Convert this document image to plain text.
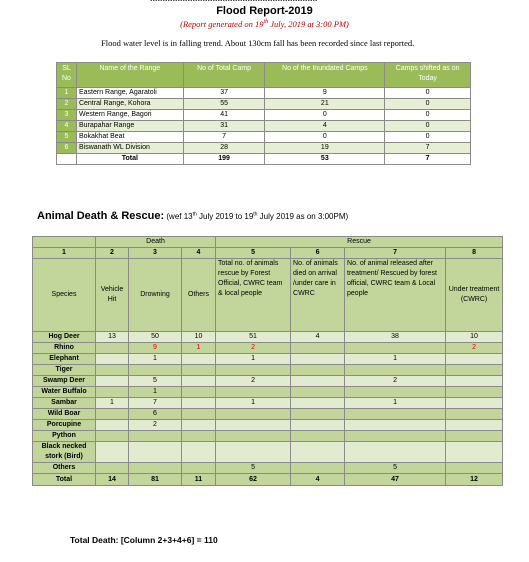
Flood Report-2019
(Report generated on 19th July, 2019 at 3:00 PM)
Flood water level is in falling trend. About 130cm fall has been recorded since last reported.
SL No	Name of the Range	No of Total Camp	No of the Inundated Camps	Camps shifted as on Today
1	Eastern Range, Agaratoli	37	9	0
2	Central Range, Kohora	55	21	0
3	Western Range, Bagori	41	0	0
4	Burapahar Range	31	4	0
5	Bokakhat Beat	7	0	0
6	Biswanath WL Division	28	19	7
	Total	199	53	7
Animal Death & Rescue: (wef 13th July 2019 to 19th July 2019 as on 3:00PM)
	Death			Rescue			
1	2	3	4	5	6	7	8
Species	Vehicle Hit	Drowning	Others	Total no. of animals rescue by Forest Official, CWRC team & local people	No. of animals died on arrival /under care in CWRC	No. of animal released after treatment/ Rescued by forest official, CWRC team & Local people	Under treatment (CWRC)
Hog Deer	13	50	10	51	4	38	10
Rhino		9	1	2			2
Elephant		1		1		1	
Tiger							
Swamp Deer		5		2		2	
Water Buffalo		1					
Sambar	1	7		1		1	
Wild Boar		6					
Porcupine		2					
Python							
Black necked stork (Bird)							
Others				5		5	
Total	14	81	11	62	4	47	12
Total Death: [Column 2+3+4+6] = 110
